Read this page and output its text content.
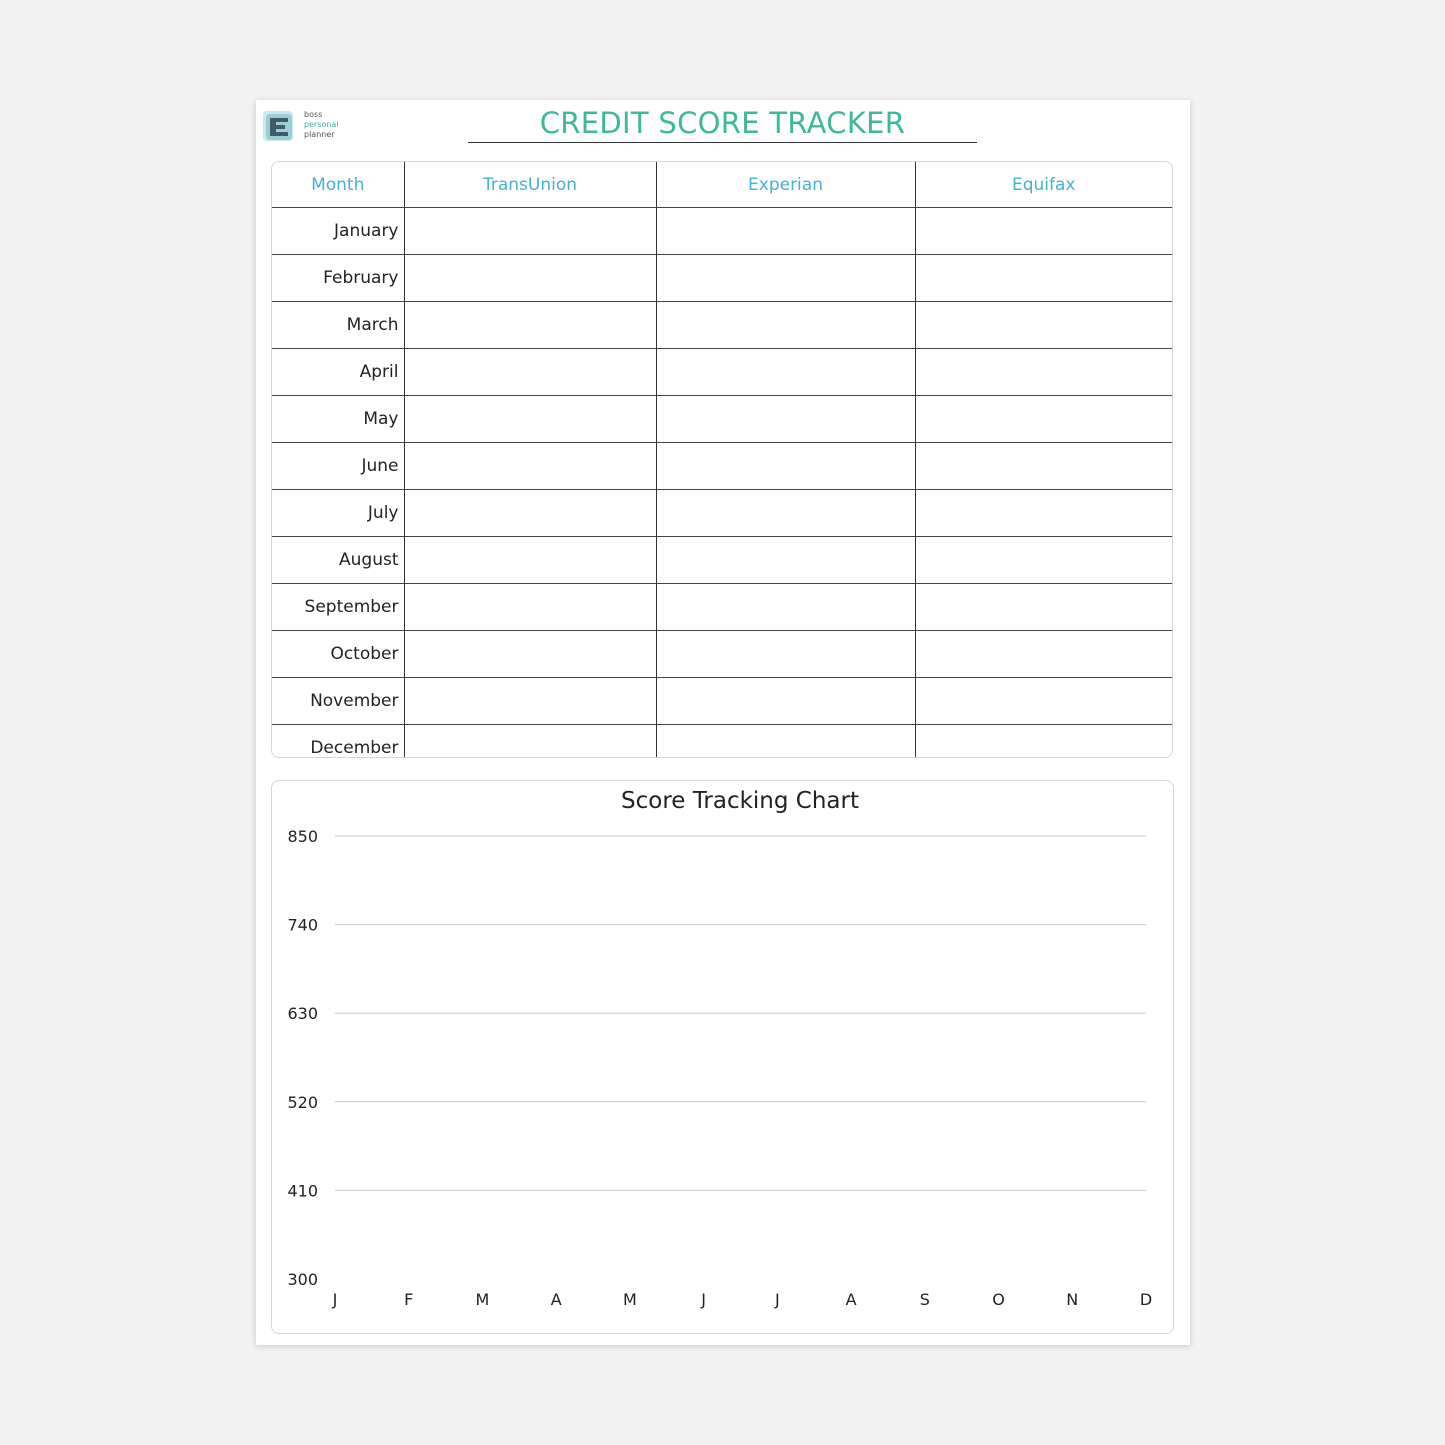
boss
personal
planner	CREDIT SCORE TRACKER
Month	TransUnion	Experian	Equifax
January			
February			
March			
April			
May			
June			
July			
August			
September			
October			
November			
December			
Score Tracking Chart
850
740
630
520
410
300
J	F	M	A	M	J	J	A	S	O	N	D
